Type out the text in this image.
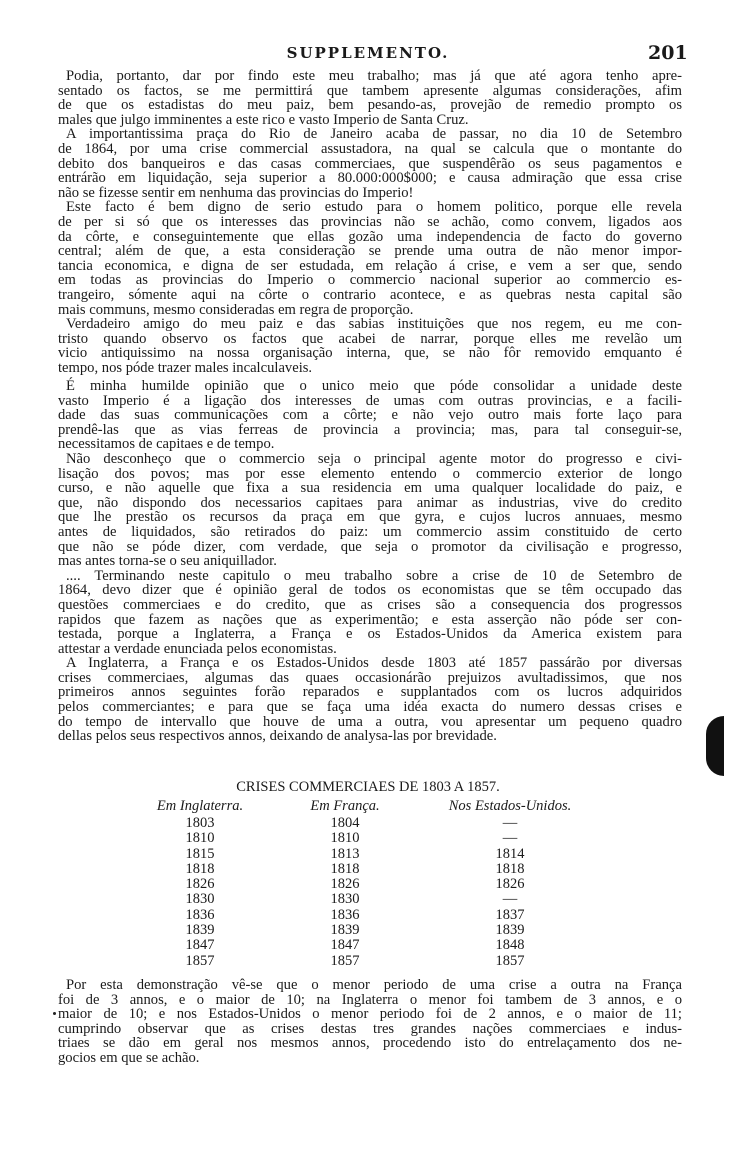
SUPPLEMENTO.	201
Podia, portanto, dar por findo este meu trabalho; mas já que até agora tenho apre-
sentado os factos, se me permittirá que tambem apresente algumas considerações, afim
de que os estadistas do meu paiz, bem pesando-as, provejão de remedio prompto os
males que julgo imminentes a este rico e vasto Imperio de Santa Cruz.
A importantissima praça do Rio de Janeiro acaba de passar, no dia 10 de Setembro
de 1864, por uma crise commercial assustadora, na qual se calcula que o montante do
debito dos banqueiros e das casas commerciaes, que suspendêrão os seus pagamentos e
entrárão em liquidação, seja superior a 80.000:000$000; e causa admiração que essa crise
não se fizesse sentir em nenhuma das provincias do Imperio!
Este facto é bem digno de serio estudo para o homem politico, porque elle revela
de per si só que os interesses das provincias não se achão, como convem, ligados aos
da côrte, e conseguintemente que ellas gozão uma independencia de facto do governo
central; além de que, a esta consideração se prende uma outra de não menor impor-
tancia economica, e digna de ser estudada, em relação á crise, e vem a ser que, sendo
em todas as provincias do Imperio o commercio nacional superior ao commercio es-
trangeiro, sómente aqui na côrte o contrario acontece, e as quebras nesta capital são
mais communs, mesmo consideradas em regra de proporção.
Verdadeiro amigo do meu paiz e das sabias instituições que nos regem, eu me con-
tristo quando observo os factos que acabei de narrar, porque elles me revelão um
vicio antiquissimo na nossa organisação interna, que, se não fôr removido emquanto é
tempo, nos póde trazer males incalculaveis.
É minha humilde opinião que o unico meio que póde consolidar a unidade deste
vasto Imperio é a ligação dos interesses de umas com outras provincias, e a facili-
dade das suas communicações com a côrte; e não vejo outro mais forte laço para
prendê-las que as vias ferreas de provincia a provincia; mas, para tal conseguir-se,
necessitamos de capitaes e de tempo.
Não desconheço que o commercio seja o principal agente motor do progresso e civi-
lisação dos povos; mas por esse elemento entendo o commercio exterior de longo
curso, e não aquelle que fixa a sua residencia em uma qualquer localidade do paiz, e
que, não dispondo dos necessarios capitaes para animar as industrias, vive do credito
que lhe prestão os recursos da praça em que gyra, e cujos lucros annuaes, mesmo
antes de liquidados, são retirados do paiz: um commercio assim constituido de certo
que não se póde dizer, com verdade, que seja o promotor da civilisação e progresso,
mas antes torna-se o seu aniquillador.
.... Terminando neste capitulo o meu trabalho sobre a crise de 10 de Setembro de
1864, devo dizer que é opinião geral de todos os economistas que se têm occupado das
questões commerciaes e do credito, que as crises são a consequencia dos progressos
rapidos que fazem as nações que as experimentão; e esta asserção não póde ser con-
testada, porque a Inglaterra, a França e os Estados-Unidos da America existem para
attestar a verdade enunciada pelos economistas.
A Inglaterra, a França e os Estados-Unidos desde 1803 até 1857 passárão por diversas
crises commerciaes, algumas das quaes occasionárão prejuizos avultadissimos, que nos
primeiros annos seguintes forão reparados e supplantados com os lucros adquiridos
pelos commerciantes; e para que se faça uma idéa exacta do numero dessas crises e
do tempo de intervallo que houve de uma a outra, vou apresentar um pequeno quadro
dellas pelos seus respectivos annos, deixando de analysa-las por brevidade.
CRISES COMMERCIAES DE 1803 A 1857.
Em Inglaterra.
1803
1810
1815
1818
1826
1830
1836
1839
1847
1857
Em França.
1804
1810
1813
1818
1826
1830
1836
1839
1847
1857
Nos Estados-Unidos.
—
—
1814
1818
1826
—
1837
1839
1848
1857
Por esta demonstração vê-se que o menor periodo de uma crise a outra na França
foi de 3 annos, e o maior de 10; na Inglaterra o menor foi tambem de 3 annos, e o
maior de 10; e nos Estados-Unidos o menor periodo foi de 2 annos, e o maior de 11;
cumprindo observar que as crises destas tres grandes nações commerciaes e indus-
triaes se dão em geral nos mesmos annos, procedendo isto do entrelaçamento dos ne-
gocios em que se achão.
